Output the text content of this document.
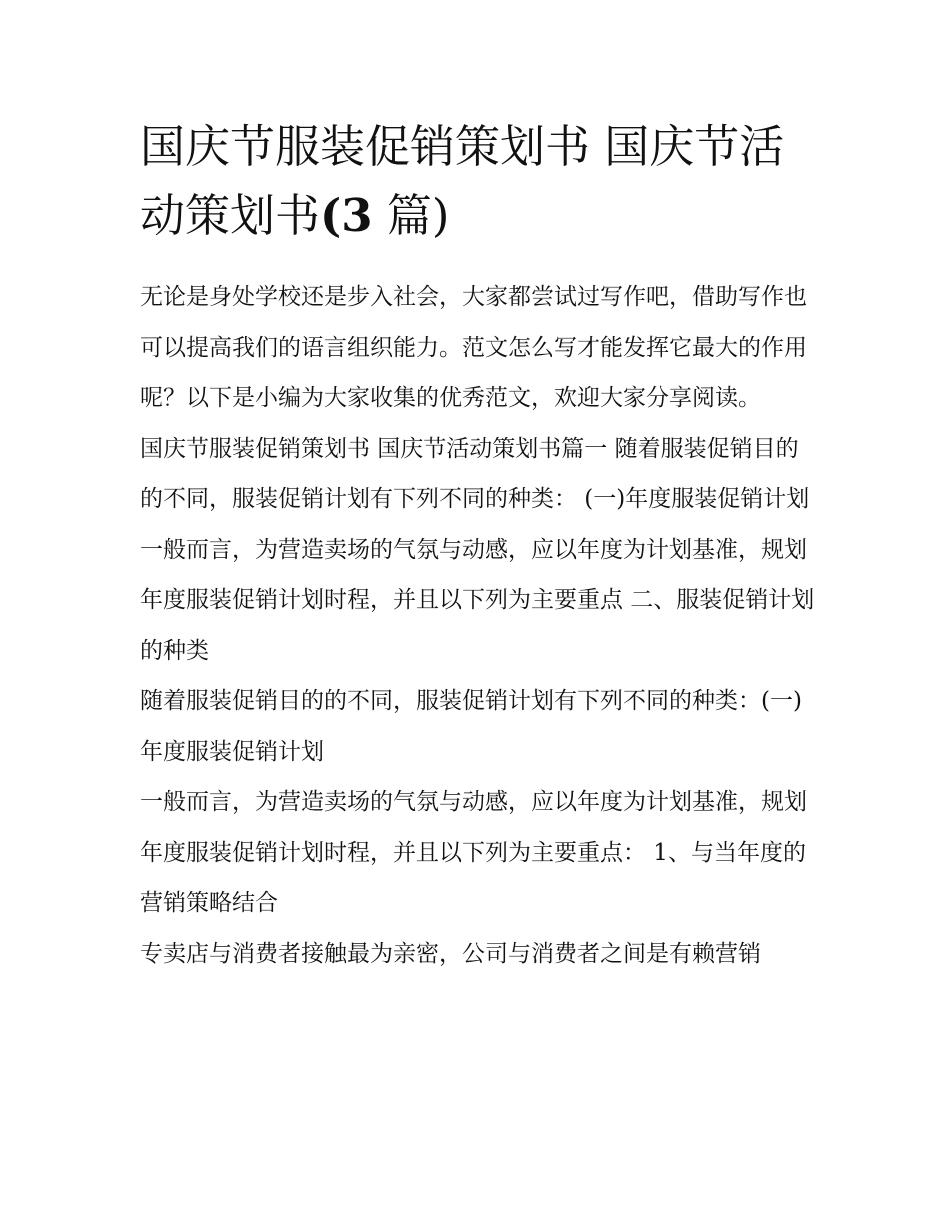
国庆节服装促销策划书 国庆节活动策划书(3 篇)

无论是身处学校还是步入社会，大家都尝试过写作吧，借助写作也可以提高我们的语言组织能力。范文怎么写才能发挥它最大的作用呢？以下是小编为大家收集的优秀范文，欢迎大家分享阅读。

国庆节服装促销策划书 国庆节活动策划书篇一 随着服装促销目的的不同，服装促销计划有下列不同的种类： (一)年度服装促销计划

一般而言，为营造卖场的气氛与动感，应以年度为计划基准，规划年度服装促销计划时程，并且以下列为主要重点 二、服装促销计划的种类

随着服装促销目的的不同，服装促销计划有下列不同的种类：(一)年度服装促销计划

一般而言，为营造卖场的气氛与动感，应以年度为计划基准，规划年度服装促销计划时程，并且以下列为主要重点： 1、与当年度的营销策略结合

专卖店与消费者接触最为亲密，公司与消费者之间是有赖营销
